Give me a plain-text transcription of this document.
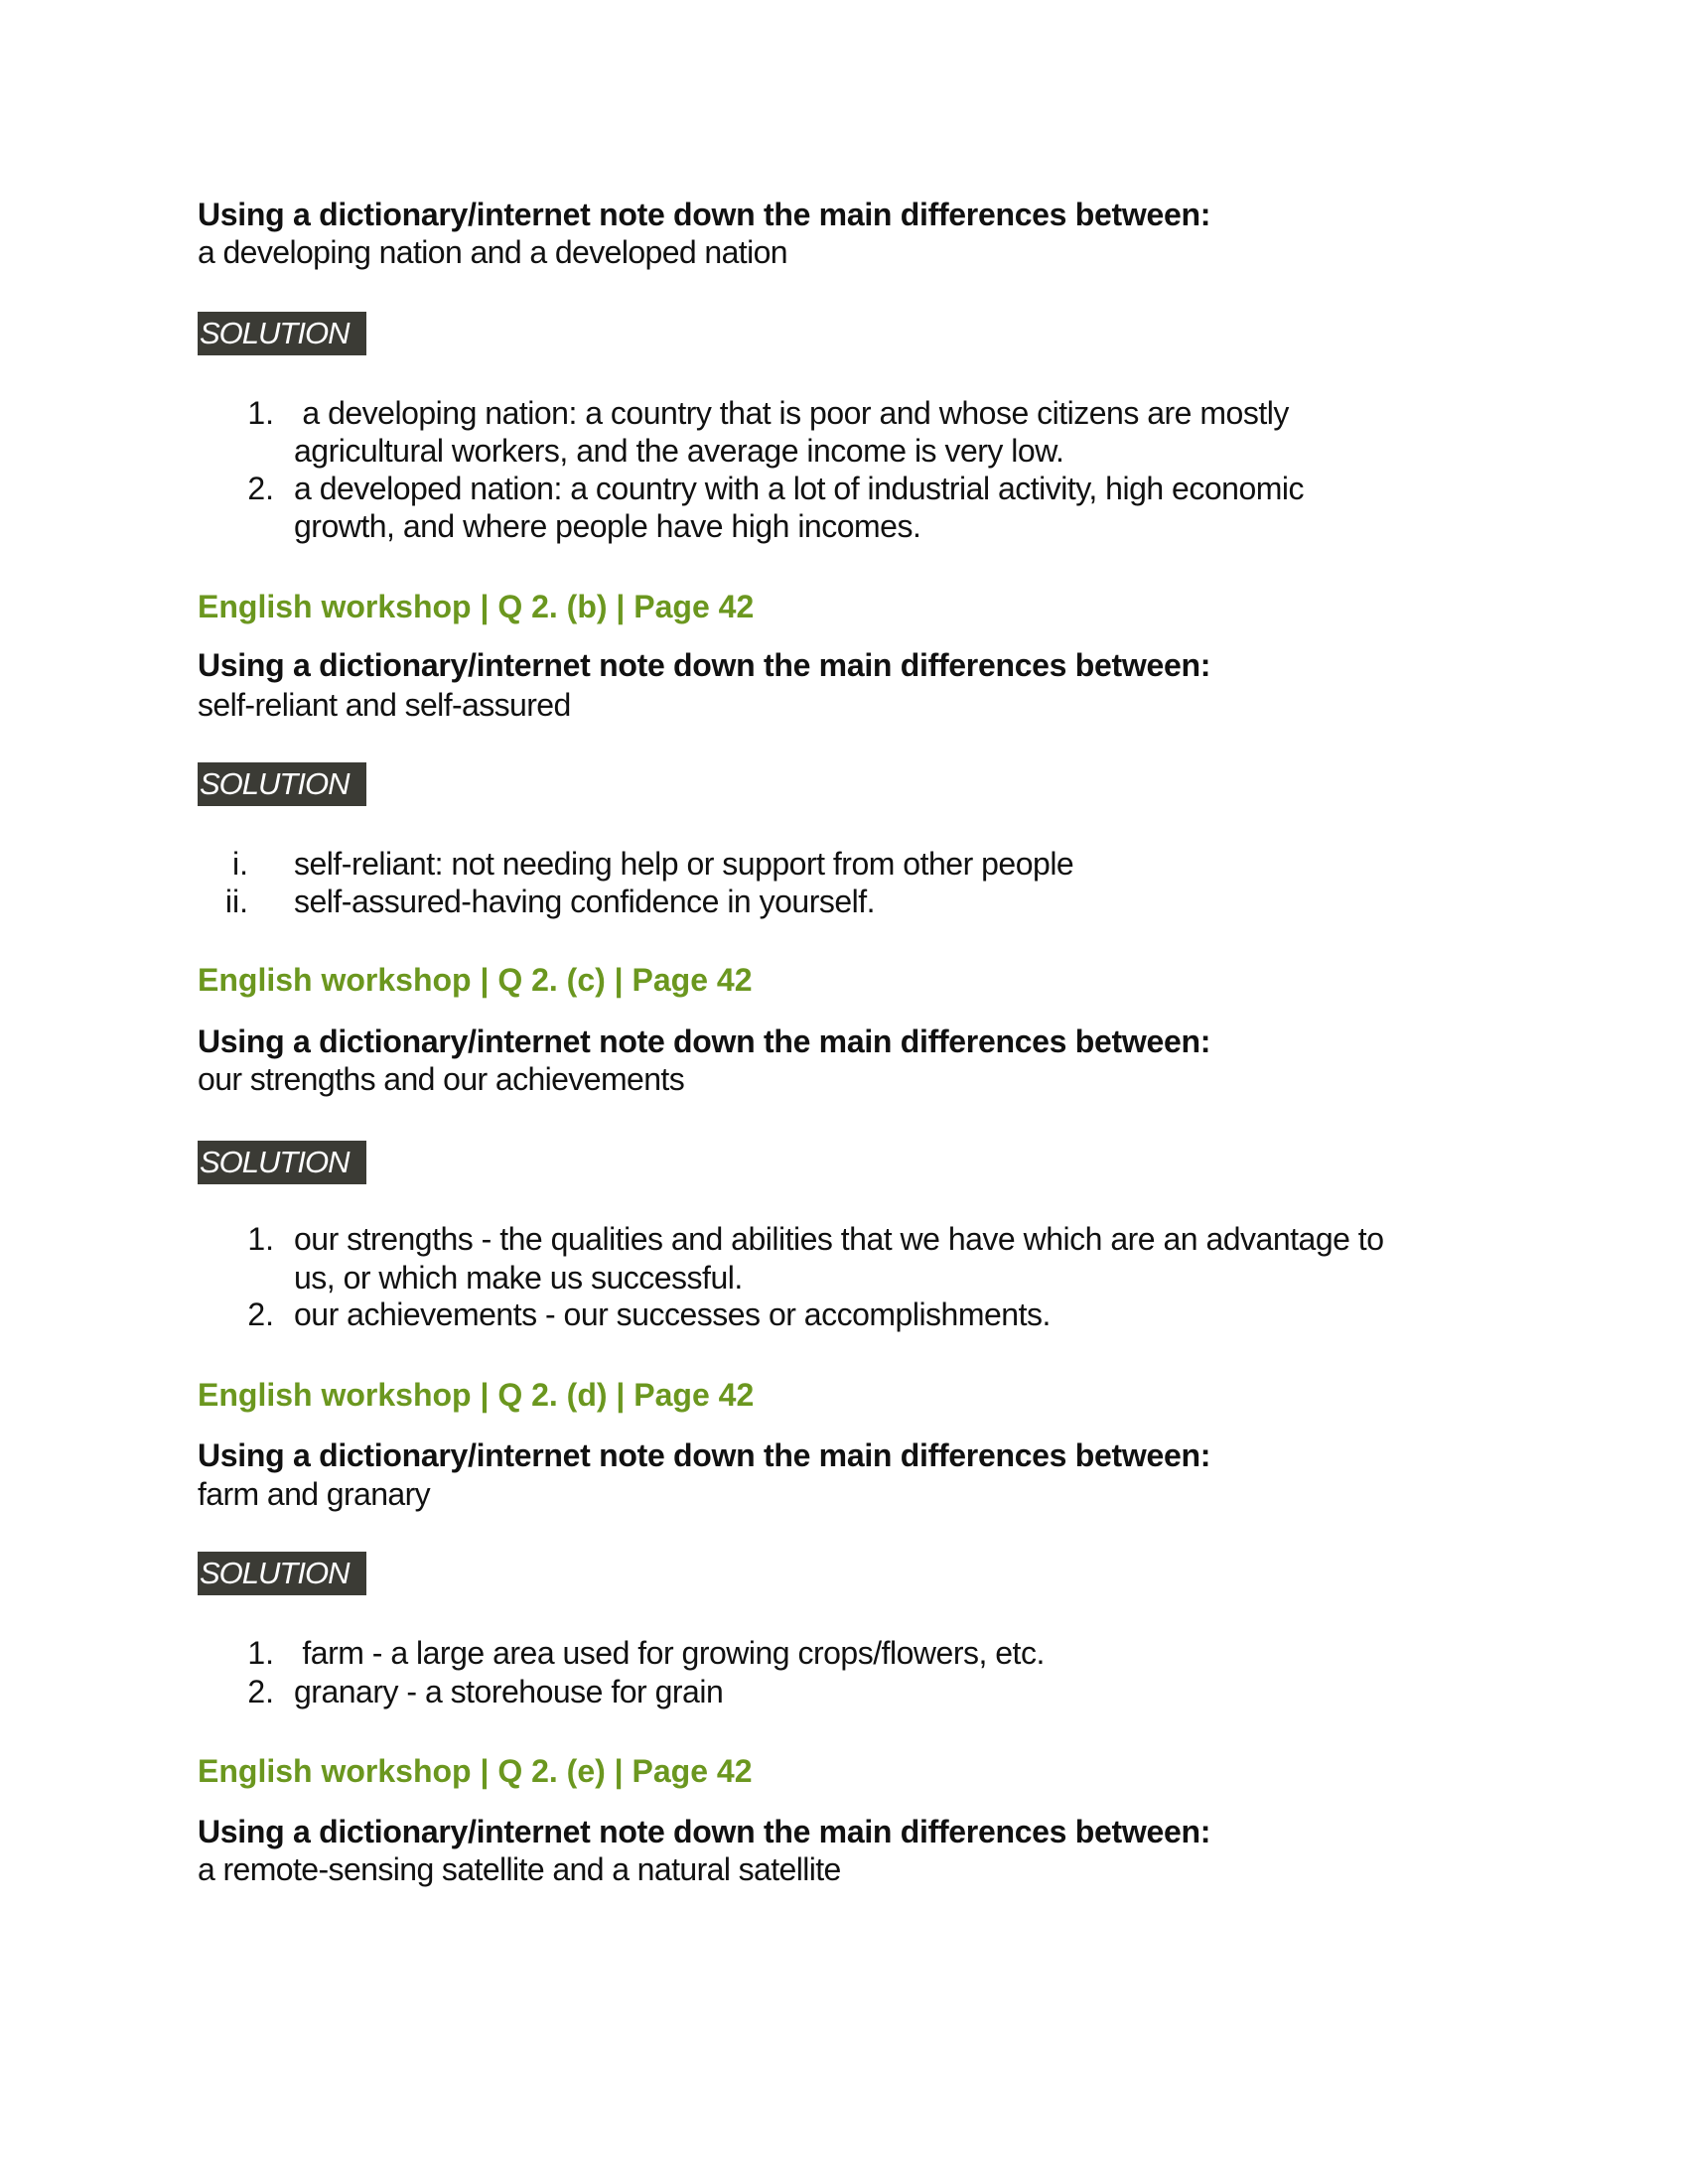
Using a dictionary/internet note down the main differences between:
a developing nation and a developed nation
SOLUTION
1. a developing nation: a country that is poor and whose citizens are mostly
agricultural workers, and the average income is very low.
2. a developed nation: a country with a lot of industrial activity, high economic
growth, and where people have high incomes.
English workshop | Q 2. (b) | Page 42
Using a dictionary/internet note down the main differences between:
self-reliant and self-assured
SOLUTION
i. self-reliant: not needing help or support from other people
ii. self-assured-having confidence in yourself.
English workshop | Q 2. (c) | Page 42
Using a dictionary/internet note down the main differences between:
our strengths and our achievements
SOLUTION
1. our strengths - the qualities and abilities that we have which are an advantage to
us, or which make us successful.
2. our achievements - our successes or accomplishments.
English workshop | Q 2. (d) | Page 42
Using a dictionary/internet note down the main differences between:
farm and granary
SOLUTION
1. farm - a large area used for growing crops/flowers, etc.
2. granary - a storehouse for grain
English workshop | Q 2. (e) | Page 42
Using a dictionary/internet note down the main differences between:
a remote-sensing satellite and a natural satellite
